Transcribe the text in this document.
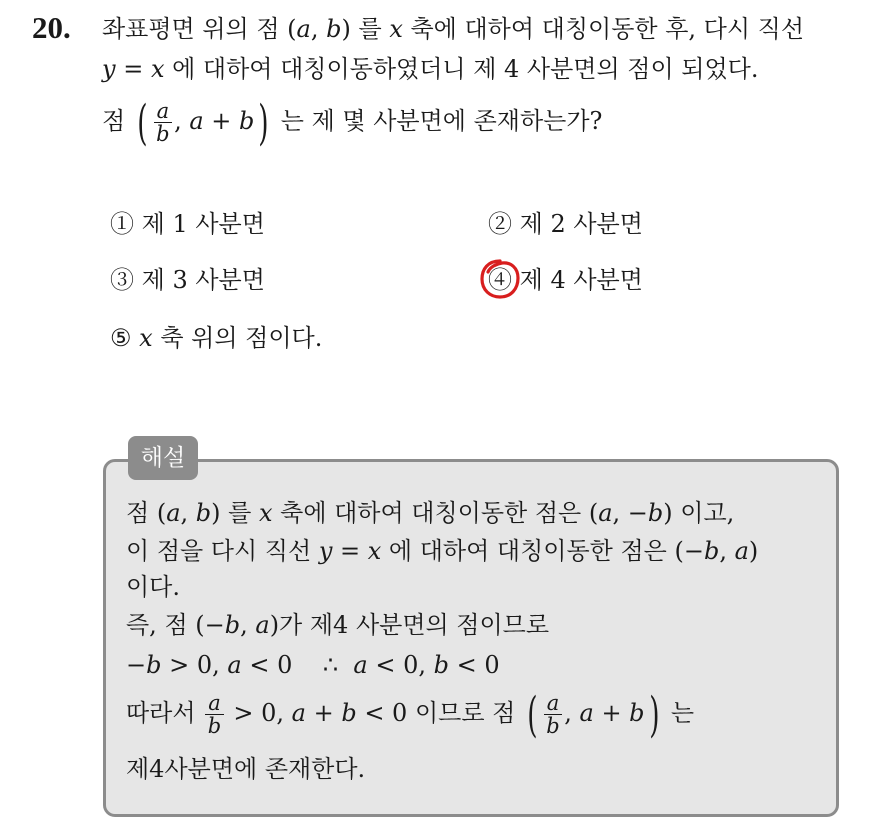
20. 좌표평면 위의 점 (a, b) 를 x 축에 대하여 대칭이동한 후, 다시 직선
y = x 에 대하여 대칭이동하였더니 제 4 사분면의 점이 되었다.
점 ( $\frac{a}{b}$ , a + b) 는 제 몇 사분면에 존재하는가?
① 제 1 사분면	② 제 2 사분면
③ 제 3 사분면	④ 제 4 사분면
⑤ x 축 위의 점이다.
해설
점 (a, b) 를 x 축에 대하여 대칭이동한 점은 (a, −b) 이고,
이 점을 다시 직선 y = x 에 대하여 대칭이동한 점은 (−b, a)
이다.
즉, 점 (−b, a)가 제4 사분면의 점이므로
−b > 0, a < 0    ∴  a < 0, b < 0
따라서 $\frac{a}{b} > 0$, a + b < 0 이므로 점 ( $\frac{a}{b}$ , a + b) 는
제4사분면에 존재한다.
